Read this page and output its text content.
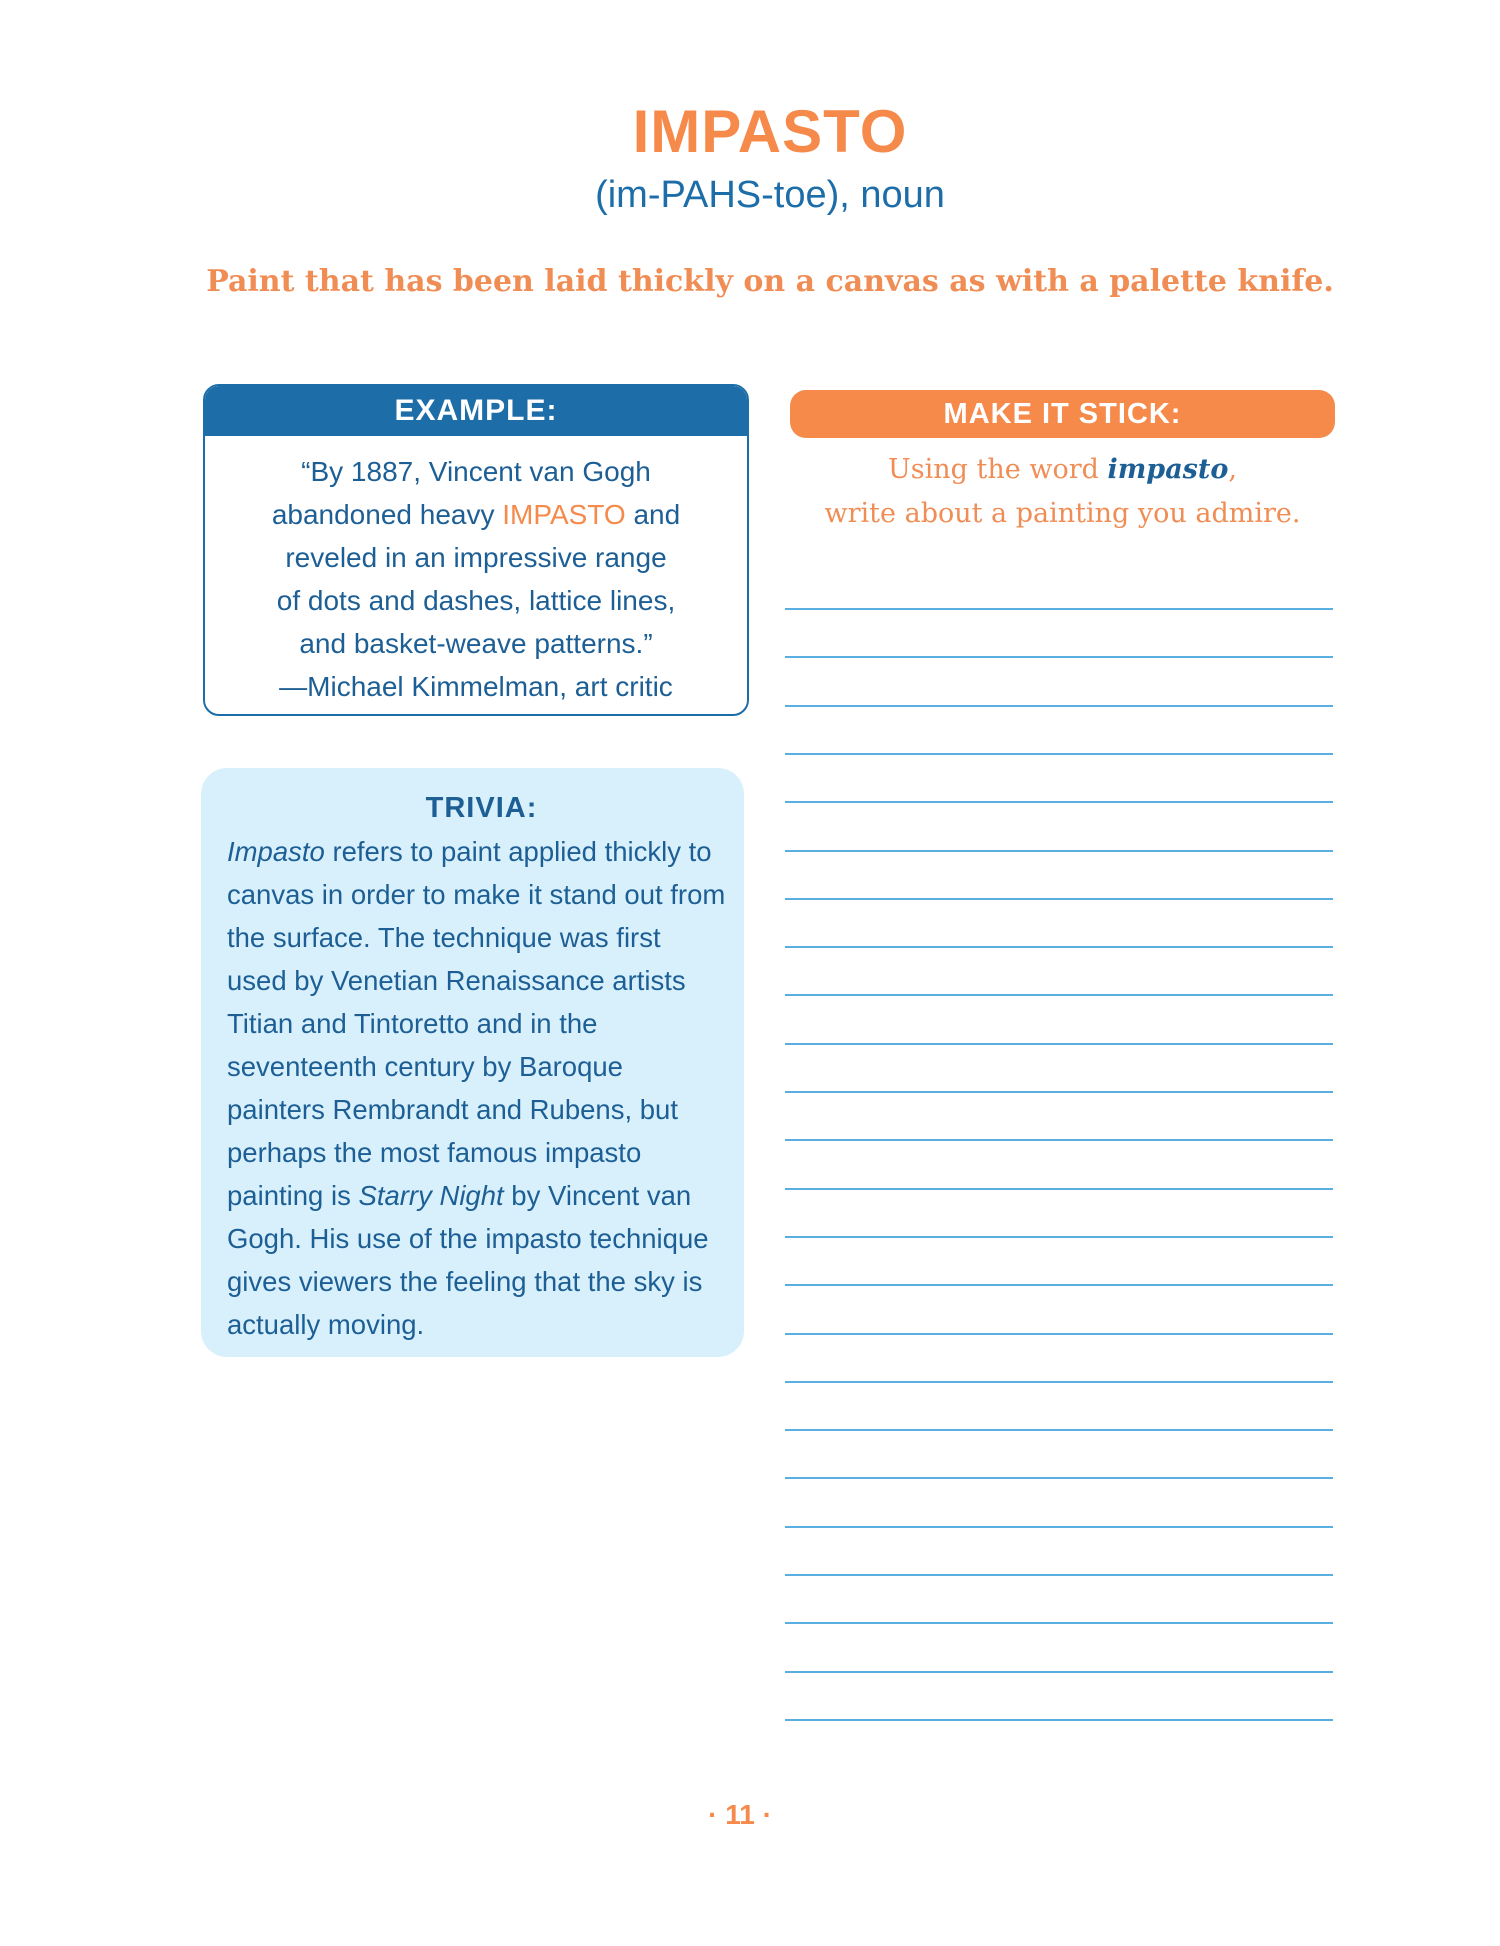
IMPASTO
(im-PAHS-toe), noun
Paint that has been laid thickly on a canvas as with a palette knife.
EXAMPLE:
“By 1887, Vincent van Gogh
abandoned heavy IMPASTO and
reveled in an impressive range
of dots and dashes, lattice lines,
and basket-weave patterns.”
—Michael Kimmelman, art critic
TRIVIA:
Impasto refers to paint applied thickly to canvas in order to make it stand out from the surface. The technique was first used by Venetian Renaissance artists Titian and Tintoretto and in the seventeenth century by Baroque painters Rembrandt and Rubens, but perhaps the most famous impasto painting is Starry Night by Vincent van Gogh. His use of the impasto technique gives viewers the feeling that the sky is actually moving.
MAKE IT STICK:
Using the word impasto,
write about a painting you admire.
· 11 ·
